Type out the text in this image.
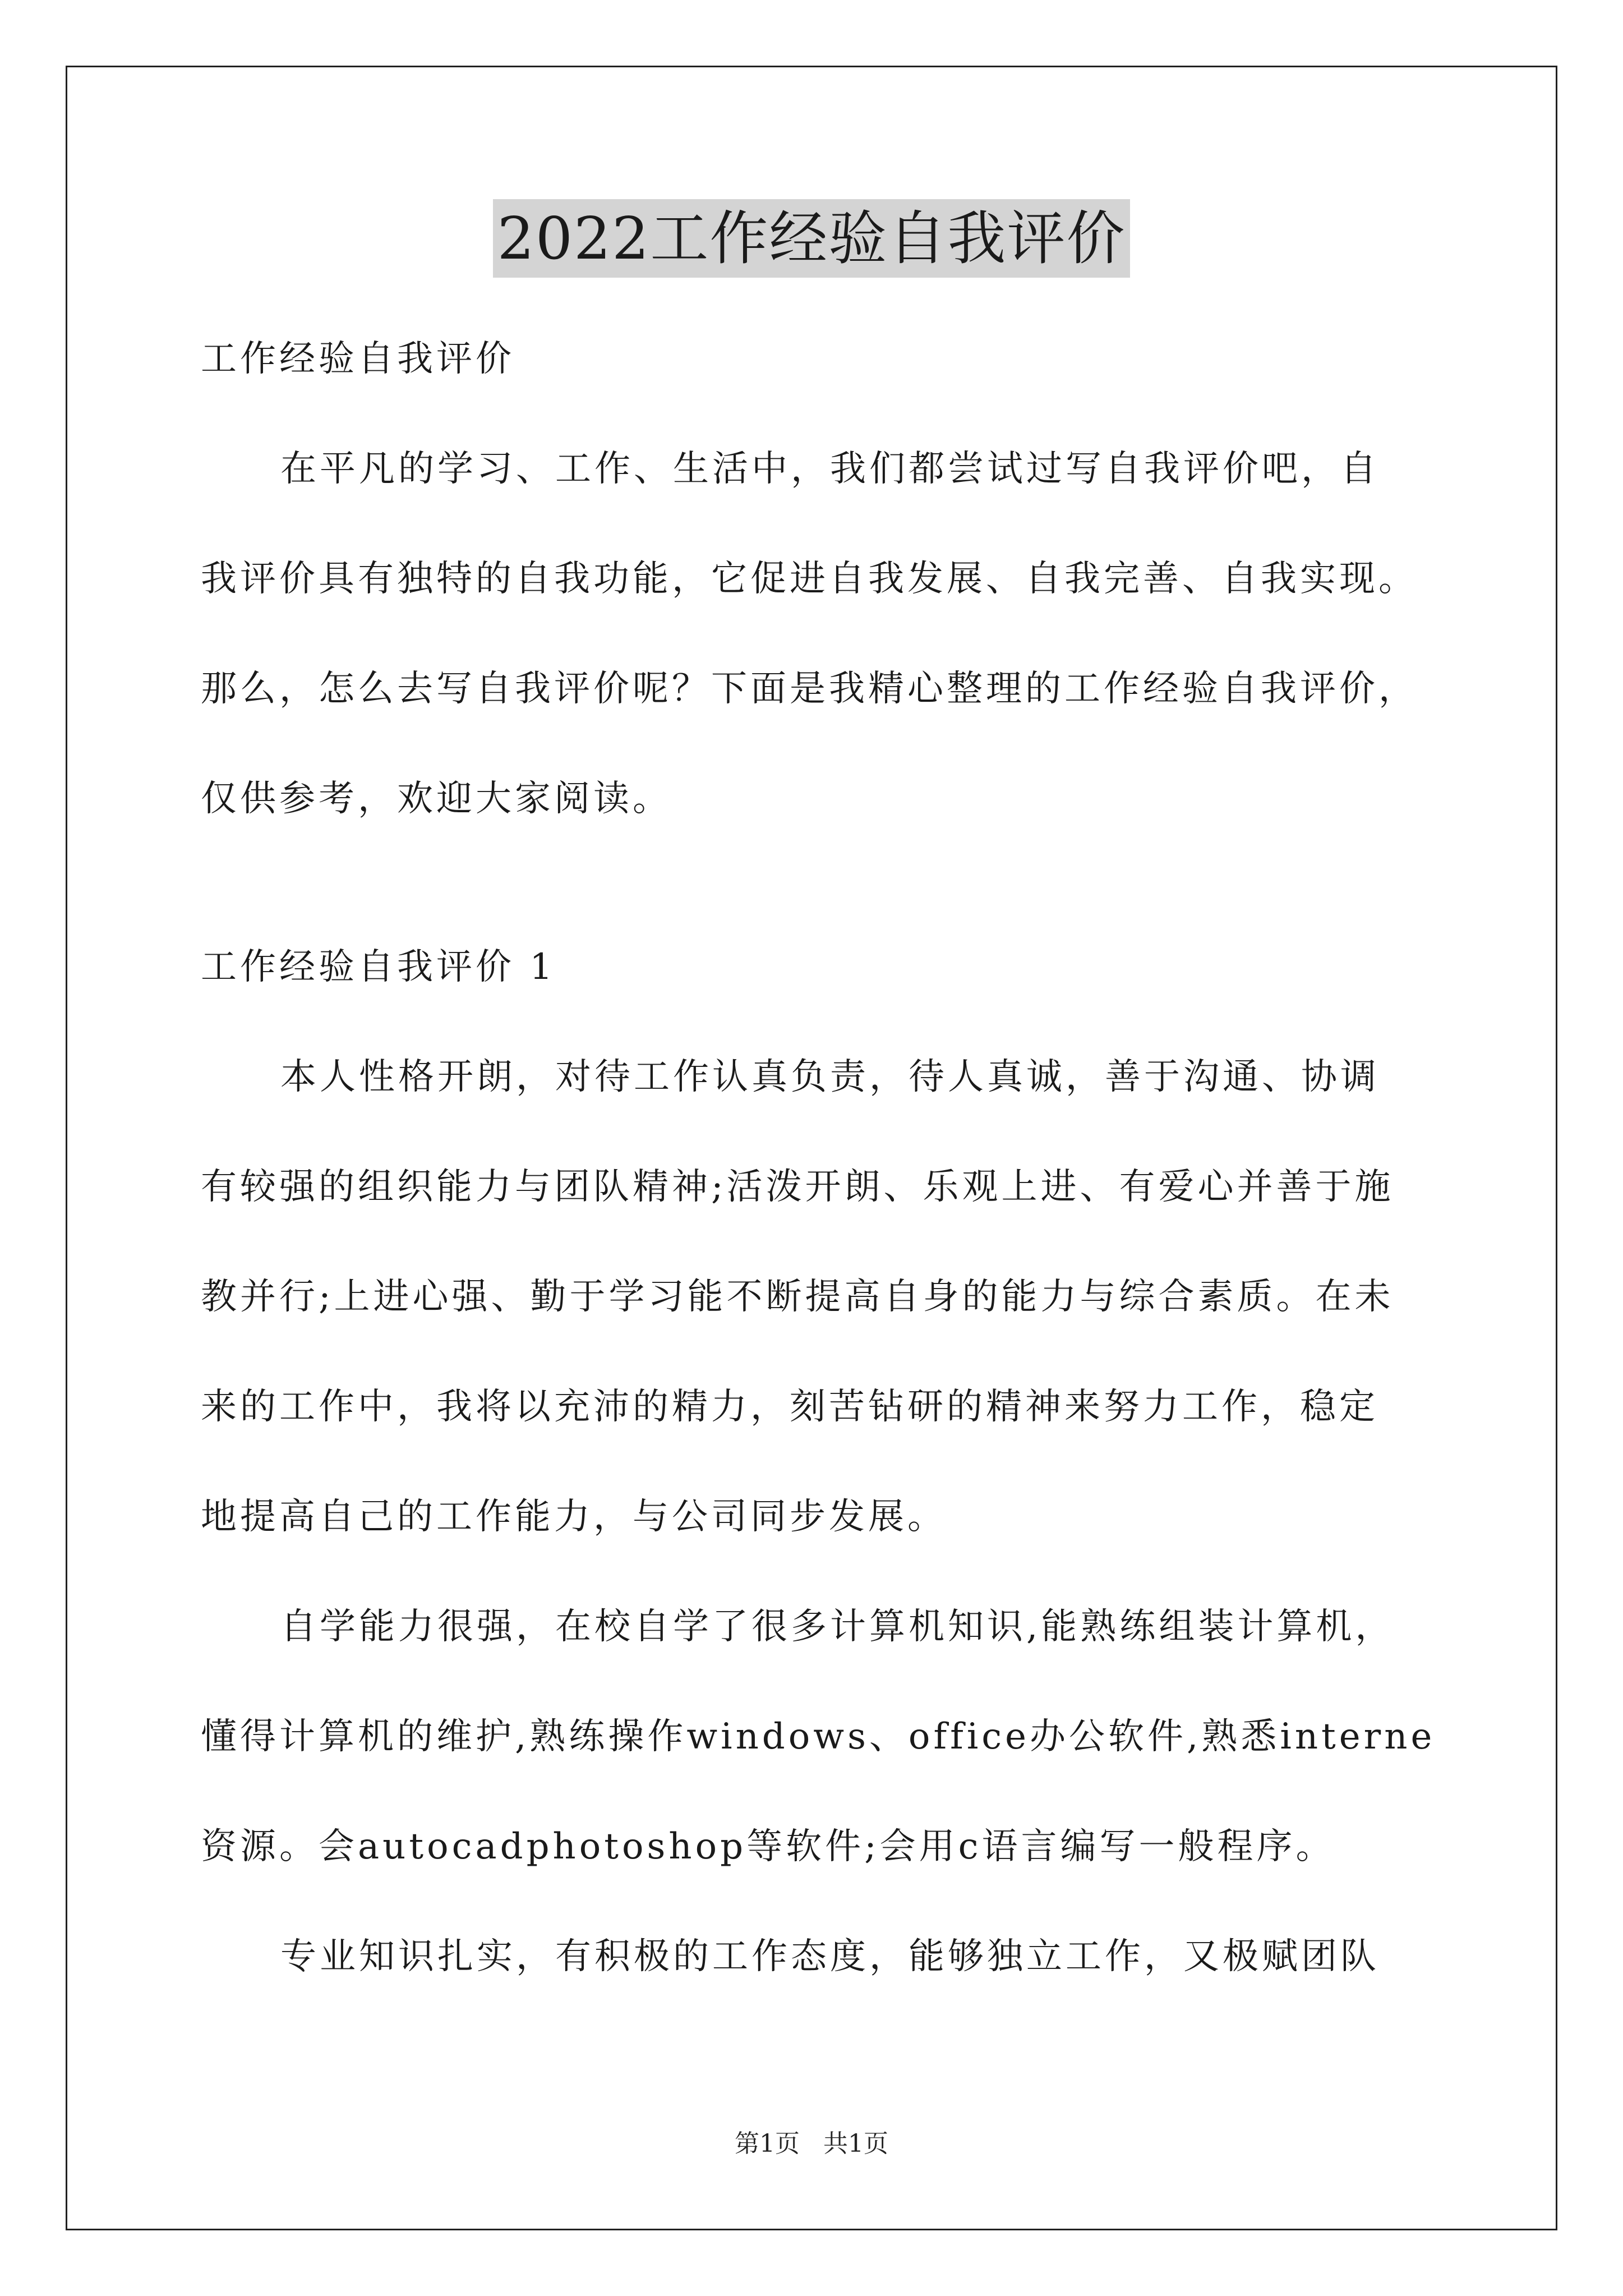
2022工作经验自我评价
工作经验自我评价
在平凡的学习、工作、生活中，我们都尝试过写自我评价吧，自
我评价具有独特的自我功能，它促进自我发展、自我完善、自我实现。
那么，怎么去写自我评价呢？下面是我精心整理的工作经验自我评价，
仅供参考，欢迎大家阅读。
工作经验自我评价 1
本人性格开朗，对待工作认真负责，待人真诚，善于沟通、协调
有较强的组织能力与团队精神;活泼开朗、乐观上进、有爱心并善于施
教并行;上进心强、勤于学习能不断提高自身的能力与综合素质。在未
来的工作中，我将以充沛的精力，刻苦钻研的精神来努力工作，稳定
地提高自己的工作能力，与公司同步发展。
自学能力很强，在校自学了很多计算机知识,能熟练组装计算机，
懂得计算机的维护,熟练操作windows、office办公软件,熟悉interne
资源。会autocadphotoshop等软件;会用c语言编写一般程序。
专业知识扎实，有积极的工作态度，能够独立工作，又极赋团队
第1页 共1页
